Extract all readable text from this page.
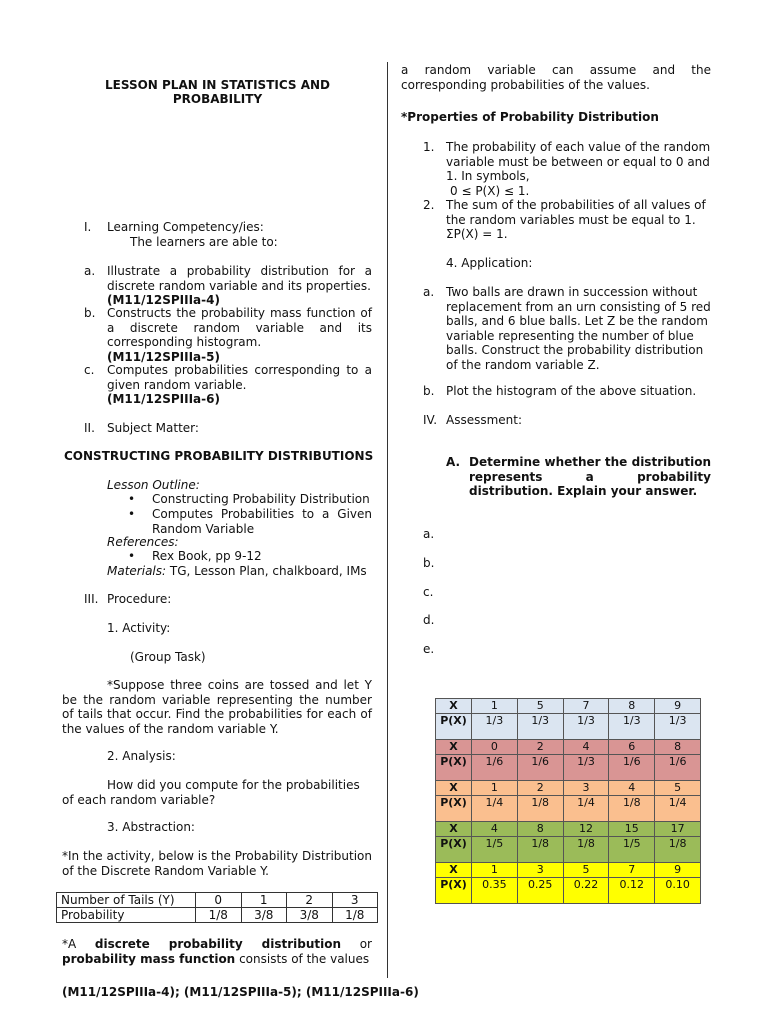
LESSON PLAN IN STATISTICS AND PROBABILITY
I. Learning Competency/ies:
The learners are able to:
a. Illustrate a probability distribution for a discrete random variable and its properties.
(M11/12SPIIIa-4)
b. Constructs the probability mass function of a discrete random variable and its corresponding histogram.
(M11/12SPIIIa-5)
c. Computes probabilities corresponding to a given random variable.
(M11/12SPIIIa-6)
II. Subject Matter:
CONSTRUCTING PROBABILITY DISTRIBUTIONS
Lesson Outline:
• Constructing Probability Distribution
• Computes Probabilities to a Given Random Variable
References:
• Rex Book, pp 9-12
Materials: TG, Lesson Plan, chalkboard, IMs
III. Procedure:
1. Activity:
(Group Task)
*Suppose three coins are tossed and let Y be the random variable representing the number of tails that occur. Find the probabilities for each of the values of the random variable Y.
2. Analysis:
How did you compute for the probabilities of each random variable?
3. Abstraction:
*In the activity, below is the Probability Distribution of the Discrete Random Variable Y.
Number of Tails (Y)	0	1	2	3
Probability	1/8	3/8	3/8	1/8
*A discrete probability distribution or
probability mass function consists of the values
a random variable can assume and the corresponding probabilities of the values.
*Properties of Probability Distribution
1. The probability of each value of the random variable must be between or equal to 0 and 1. In symbols,
0 ≤ P(X) ≤ 1.
2. The sum of the probabilities of all values of the random variables must be equal to 1.
ΣP(X) = 1.
4. Application:
a. Two balls are drawn in succession without replacement from an urn consisting of 5 red balls, and 6 blue balls. Let Z be the random variable representing the number of blue balls. Construct the probability distribution of the random variable Z.
b. Plot the histogram of the above situation.
IV. Assessment:
A. Determine whether the distribution represents a probability distribution. Explain your answer.
a.
b.
c.
d.
e.
X	1	5	7	8	9
P(X)	1/3	1/3	1/3	1/3	1/3
X	0	2	4	6	8
P(X)	1/6	1/6	1/3	1/6	1/6
X	1	2	3	4	5
P(X)	1/4	1/8	1/4	1/8	1/4
X	4	8	12	15	17
P(X)	1/5	1/8	1/8	1/5	1/8
X	1	3	5	7	9
P(X)	0.35	0.25	0.22	0.12	0.10
(M11/12SPIIIa-4); (M11/12SPIIIa-5); (M11/12SPIIIa-6)
